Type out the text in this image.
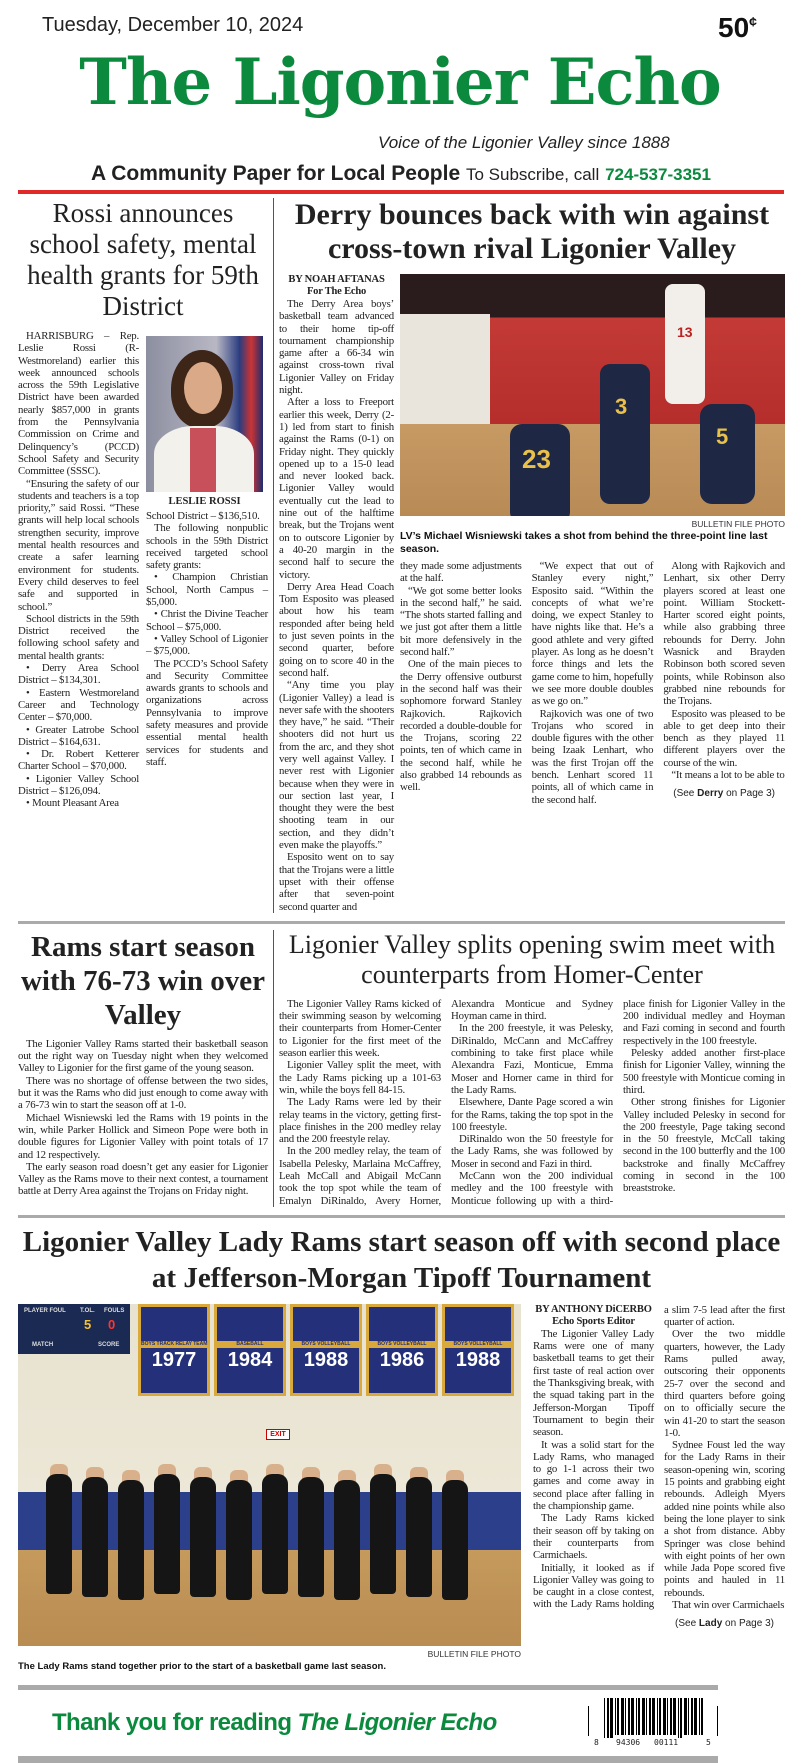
Tuesday, December 10, 2024	50¢
The Ligonier Echo
Voice of the Ligonier Valley since 1888
A Community Paper for Local People To Subscribe, call 724-537-3351
Rossi announces school safety, mental health grants for 59th District

HARRISBURG – Rep. Leslie Rossi (R-Westmoreland) earlier this week announced schools across the 59th Legislative District have been awarded nearly $857,000 in grants from the Pennsylvania Commission on Crime and Delinquency’s (PCCD) School Safety and Security Committee (SSSC).

“Ensuring the safety of our students and teachers is a top priority,” said Rossi. “These grants will help local schools strengthen security, improve mental health resources and create a safer learning environment for students. Every child deserves to feel safe and supported in school.”

School districts in the 59th District received the following school safety and mental health grants:

• Derry Area School District – $134,301.

• Eastern Westmoreland Career and Technology Center – $70,000.

• Greater Latrobe School District – $164,631.

• Dr. Robert Ketterer Charter School – $70,000.

• Ligonier Valley School District – $126,094.

• Mount Pleasant Area

LESLIE ROSSI

School District – $136,510.

The following nonpublic schools in the 59th District received targeted school safety grants:

• Champion Christian School, North Campus – $5,000.

• Christ the Divine Teacher School – $75,000.

• Valley School of Ligonier – $75,000.

The PCCD’s School Safety and Security Committee awards grants to schools and organizations across Pennsylvania to improve safety measures and provide essential mental health services for students and staff.

Derry bounces back with win against cross-town rival Ligonier Valley
BY NOAH AFTANAS
For The Echo

The Derry Area boys’ basketball team advanced to their home tip-off tournament championship game after a 66-34 win against cross-town rival Ligonier Valley on Friday night.

After a loss to Freeport earlier this week, Derry (2-1) led from start to finish against the Rams (0-1) on Friday night. They quickly opened up to a 15-0 lead and never looked back. Ligonier Valley would eventually cut the lead to nine out of the halftime break, but the Trojans went on to outscore Ligonier by a 40-20 margin in the second half to secure the victory.

Derry Area Head Coach Tom Esposito was pleased about how his team responded after being held to just seven points in the second quarter, before going on to score 40 in the second half.

“Any time you play (Ligonier Valley) a lead is never safe with the shooters they have,” he said. “Their shooters did not hurt us from the arc, and they shot very well against Valley. I never rest with Ligonier because when they were in our section last year, I thought they were the best shooting team in our section, and they didn’t even make the playoffs.”

Esposito went on to say that the Trojans were a little upset with their offense after that seven-point second quarter and

13
3
23
5
BULLETIN FILE PHOTO
LV’s Michael Wisniewski takes a shot from behind the three-point line last season.

they made some adjustments at the half.

“We got some better looks in the second half,” he said. “The shots started falling and we just got after them a little bit more defensively in the second half.”

One of the main pieces to the Derry offensive outburst in the second half was their sophomore forward Stanley Rajkovich. Rajkovich recorded a double-double for the Trojans, scoring 22 points, ten of which came in the second half, while he also grabbed 14 rebounds as well.

“We expect that out of Stanley every night,” Esposito said. “Within the concepts of what we’re doing, we expect Stanley to have nights like that. He’s a good athlete and very gifted player. As long as he doesn’t force things and lets the game come to him, hopefully we see more double doubles as we go on.”

Rajkovich was one of two Trojans who scored in double figures with the other being Izaak Lenhart, who was the first Trojan off the bench. Lenhart scored 11 points, all of which came in the second half.

Along with Rajkovich and Lenhart, six other Derry players scored at least one point. William Stockett-Harter scored eight points, while also grabbing three rebounds for Derry. John Wasnick and Brayden Robinson both scored seven points, while Robinson also grabbed nine rebounds for the Trojans.

Esposito was pleased to be able to get deep into their bench as they played 11 different players over the course of the win.

“It means a lot to be able to

(See Derry on Page 3)
Rams start season with 76-73 win over Valley

The Ligonier Valley Rams started their basketball season out the right way on Tuesday night when they welcomed Valley to Ligonier for the first game of the young season.

There was no shortage of offense between the two sides, but it was the Rams who did just enough to come away with a 76-73 win to start the season off at 1-0.

Michael Wisniewski led the Rams with 19 points in the win, while Parker Hollick and Simeon Pope were both in double figures for Ligonier Valley with point totals of 17 and 12 respectively.

The early season road doesn’t get any easier for Ligonier Valley as the Rams move to their next contest, a tournament battle at Derry Area against the Trojans on Friday night.

Ligonier Valley splits opening swim meet with counterparts from Homer-Center

The Ligonier Valley Rams kicked of their swimming season by welcoming their counterparts from Homer-Center to Ligonier for the first meet of the season earlier this week.

Ligonier Valley split the meet, with the Lady Rams picking up a 101-63 win, while the boys fell 84-15.

The Lady Rams were led by their relay teams in the victory, getting first-place finishes in the 200 medley relay and the 200 freestyle relay.

In the 200 medley relay, the team of Isabella Pelesky, Marlaina McCaffrey, Leah McCall and Abigail McCann took the top spot while the team of Emalyn DiRinaldo, Avery Horner, Alexandra Monticue and Sydney Hoyman came in third.

In the 200 freestyle, it was Pelesky, DiRinaldo, McCann and McCaffrey combining to take first place while Alexandra Fazi, Monticue, Emma Moser and Horner came in third for the Lady Rams.

Elsewhere, Dante Page scored a win for the Rams, taking the top spot in the 100 freestyle.

DiRinaldo won the 50 freestyle for the Lady Rams, she was followed by Moser in second and Fazi in third.

McCann won the 200 individual medley and the 100 freestyle with Monticue following up with a third-place finish for Ligonier Valley in the 200 individual medley and Hoyman and Fazi coming in second and fourth respectively in the 100 freestyle.

Pelesky added another first-place finish for Ligonier Valley, winning the 500 freestyle with Monticue coming in third.

Other strong finishes for Ligonier Valley included Pelesky in second for the 200 freestyle, Page taking second in the 50 freestyle, McCall taking second in the 100 butterfly and the 100 backstroke and finally McCaffrey coming in second in the 100 breaststroke.

Ligonier Valley Lady Rams start season off with second place at Jefferson-Morgan Tipoff Tournament
PLAYER FOUL T.OL. FOULS
5 0
MATCH	SCORE	BOYS TRACK RELAY TEAM
1977
BASEBALL
1984
BOYS VOLLEYBALL
1988
BOYS VOLLEYBALL
1986
BOYS VOLLEYBALL
1988
EXIT
BULLETIN FILE PHOTO
The Lady Rams stand together prior to the start of a basketball game last season.
BY ANTHONY DiCERBO
Echo Sports Editor

The Ligonier Valley Lady Rams were one of many basketball teams to get their first taste of real action over the Thanksgiving break, with the squad taking part in the Jefferson-Morgan Tipoff Tournament to begin their season.

It was a solid start for the Lady Rams, who managed to go 1-1 across their two games and come away in second place after falling in the championship game.

The Lady Rams kicked their season off by taking on their counterparts from Carmichaels.

Initially, it looked as if Ligonier Valley was going to be caught in a close contest, with the Lady Rams holding a slim 7-5 lead after the first quarter of action.

Over the two middle quarters, however, the Lady Rams pulled away, outscoring their opponents 25-7 over the second and third quarters before going on to officially secure the win 41-20 to start the season 1-0.

Sydnee Foust led the way for the Lady Rams in their season-opening win, scoring 15 points and grabbing eight rebounds. Adleigh Myers added nine points while also being the lone player to sink a shot from distance. Abby Springer was close behind with eight points of her own while Jada Pope scored five points and hauled in 11 rebounds.

That win over Carmichaels

(See Lady on Page 3)
Thank you for reading The Ligonier Echo
8 94306 00111	5
